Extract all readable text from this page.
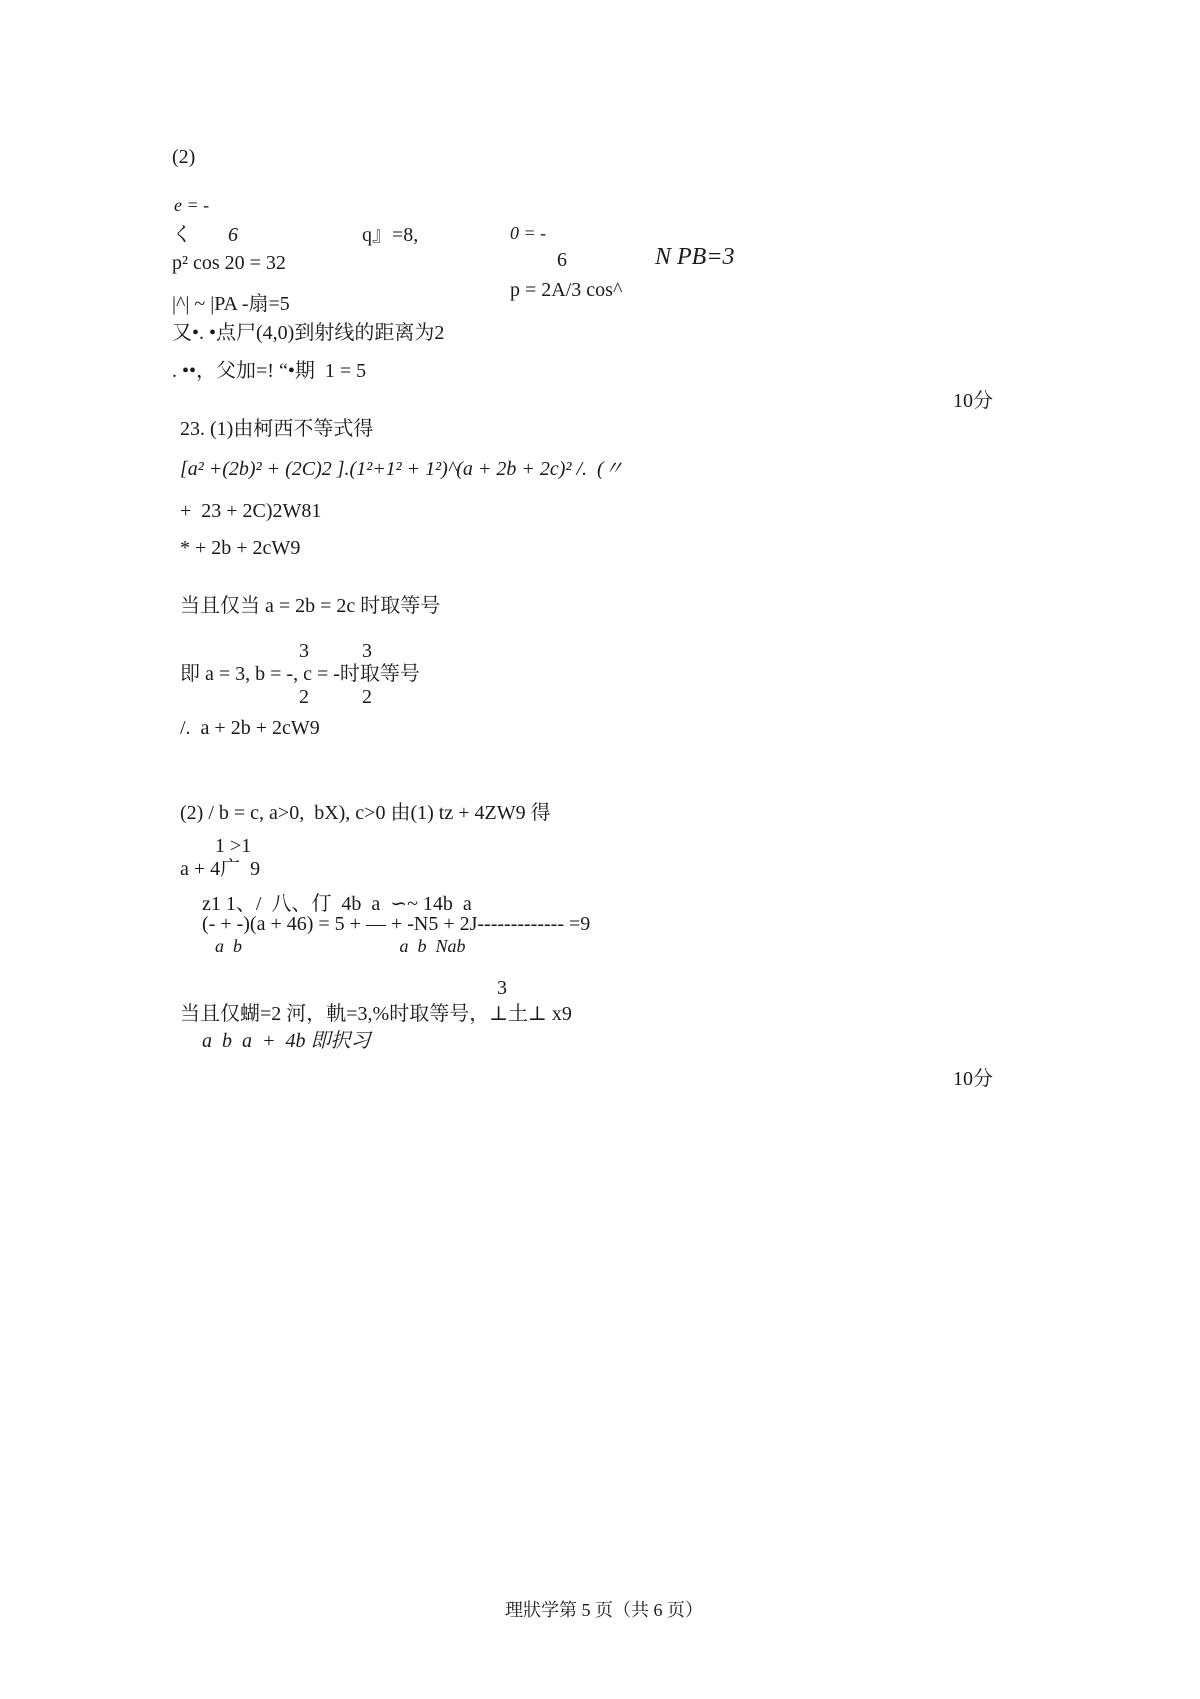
(2)
e = -
く 6	q』=8,	0 = -
p² cos 20 = 32	6	N PB=3
|^| ~ |PA -扇=5
p = 2A/3 cos^
又•. •点尸(4,0)到射线的距离为2
. ••，父加=! “•期  1 = 5
10分
23. (1)由柯西不等式得
[a² +(2b)² + (2C)2 ].(1²+1² + 1²)^(a + 2b + 2c)² /.  (〃
+  23 + 2C)2W81
* + 2b + 2cW9
当且仅当 a = 2b = 2c 时取等号
3	3
即 a = 3, b = -, c = -时取等号
2	2
/.  a + 2b + 2cW9
(2) / b = c, a>0,  bX), c>0 由(1) tz + 4ZW9 得
1 >1
a + 4广  9
z1 1、/  八、仃  4b  a  ∽~ 14b  a
(- + -)(a + 46) = 5 + — + -N5 + 2J------------- =9
a  b                                   a  b  Nab
3
当且仅蝴=2 河，軌=3,%时取等号，⊥土⊥ x9
a  b  a  +  4b 即択习
10分
理狀学第 5 页（共 6 页）
